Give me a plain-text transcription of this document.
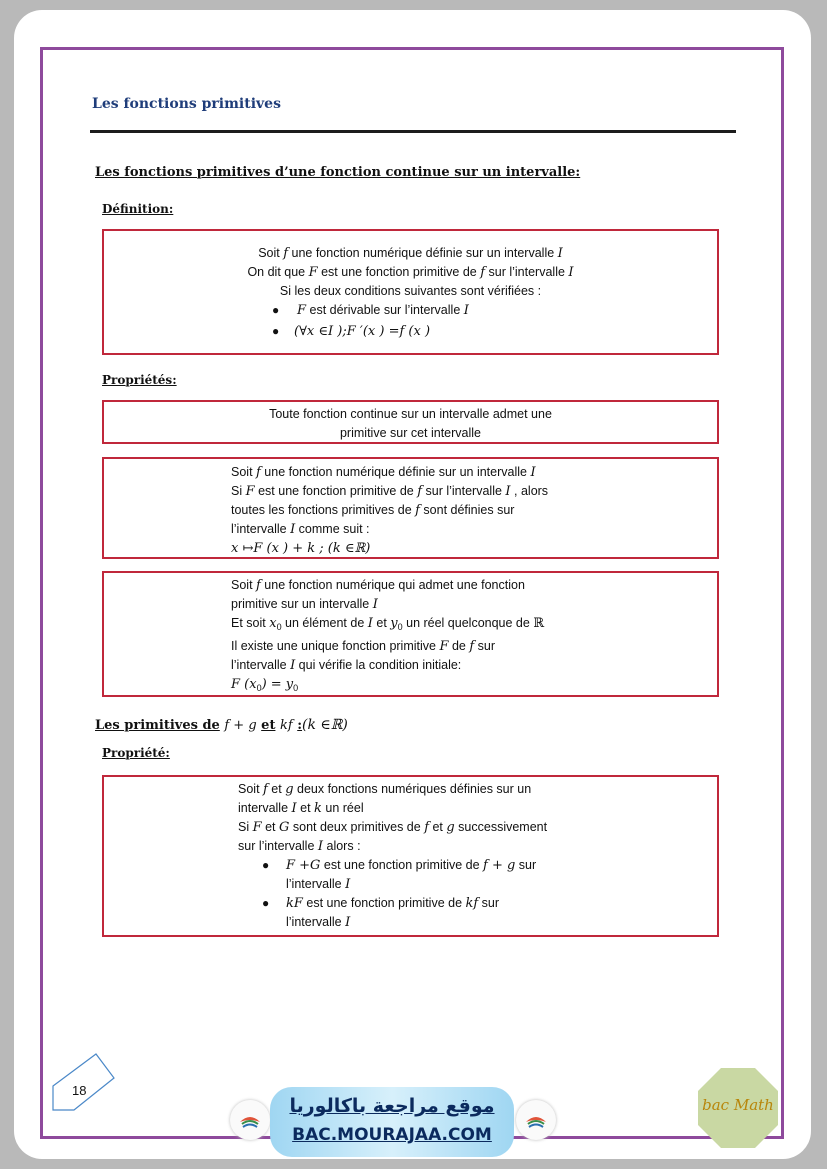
Les fonctions primitives
Les fonctions primitives d’une fonction continue sur un intervalle:
Définition:

Soit f une fonction numérique définie sur un intervalle I

On dit que F est une fonction primitive de f sur l’intervalle I

Si les deux conditions suivantes sont vérifiées :

● F est dérivable sur l’intervalle I

● (∀x ∈I );F ′(x ) =f (x )

Propriétés:

Toute fonction continue sur un intervalle admet une

primitive sur cet intervalle

Soit f une fonction numérique définie sur un intervalle I

Si F est une fonction primitive de f sur l’intervalle I , alors

toutes les fonctions primitives de f sont définies sur

l’intervalle I comme suit :

x ↦F (x ) + k ; (k ∈ℝ)

Soit f une fonction numérique qui admet une fonction

primitive sur un intervalle I

Et soit $x_0$ un élément de I et $y_0$ un réel quelconque de ℝ

Il existe une unique fonction primitive F de f sur

l’intervalle I qui vérifie la condition initiale:

F $(x_0) = y_0$

Les primitives de f + g et kf :(k ∈ℝ)
Propriété:

Soit f et g deux fonctions numériques définies sur un

intervalle I et k un réel

Si F et G sont deux primitives de f et g successivement

sur l’intervalle I alors :

● F +G est une fonction primitive de f + g sur

l’intervalle I

● kF est une fonction primitive de kf sur

l’intervalle I

18
موقع مراجعة باكالوريا
BAC.MOURAJAA.COM
bac Math
